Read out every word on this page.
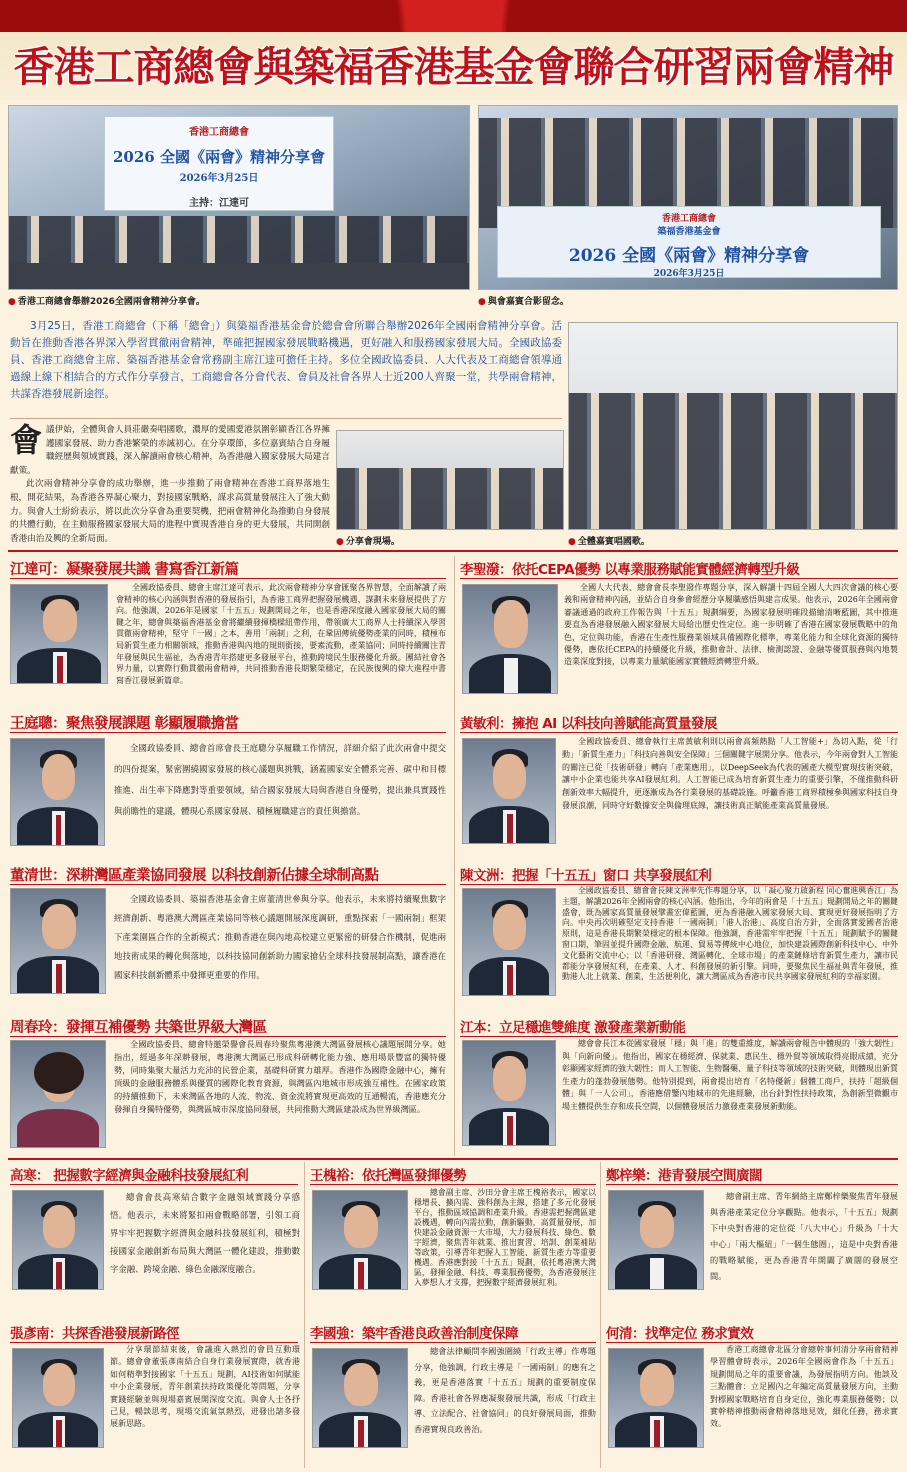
香港工商總會與築福香港基金會聯合研習兩會精神
香港工商總會
2026 全國《兩會》精神分享會
2026年3月25日
主持：江達可
● 香港工商總會舉辦2026全國兩會精神分享會。
香港工商總會
築福香港基金會
2026 全國《兩會》精神分享會
2026年3月25日
● 與會嘉賓合影留念。

3月25日，香港工商總會（下稱「總會」）與築福香港基金會於總會會所聯合舉辦2026年全國兩會精神分享會。活動旨在推動香港各界深入學習貫徹兩會精神，準確把握國家發展戰略機遇，更好融入和服務國家發展大局。全國政協委員、香港工商總會主席、築福香港基金會常務副主席江達可擔任主持。多位全國政協委員、人大代表及工商總會領導通過線上線下相結合的方式作分享發言，工商總會各分會代表、會員及社會各界人士近200人齊聚一堂，共學兩會精神，共謀香港發展新途徑。

會 議伊始，全體與會人員莊嚴奏唱國歌，濃厚的愛國愛港氛圍彰顯香江各界擁護國家發展、助力香港繁榮的赤誠初心。在分享環節，多位嘉賓結合自身履職經歷與領域實踐，深入解讀兩會核心精神，為香港融入國家發展大局建言獻策。

此次兩會精神分享會的成功舉辦，進一步推動了兩會精神在香港工商界落地生根，開花結果，為香港各界凝心聚力，對接國家戰略，謀求高質量發展注入了強大動力。與會人士紛紛表示，將以此次分享會為重要契機，把兩會精神化為推動自身發展的共體行動，在主動服務國家發展大局的進程中實現香港自身的更大發展，共同開創香港由治及興的全新局面。	● 分享會現場。	● 全體嘉賓唱國歌。
江達可：凝聚發展共識 書寫香江新篇

全國政協委員、總會主席江達可表示，此次兩會精神分享會匯聚各界智慧，全面解讀了兩會精神的核心內涵與對香港的發展指引，為香港工商界把握發展機遇、謀劃未來發展提供了方向。他強調，2026年是國家「十五五」規劃開局之年，也是香港深度融入國家發展大局的關鍵之年，總會與築福香港基金會將繼續發揮橋樑紐帶作用，帶領廣大工商界人士持續深入學習貫徹兩會精神，堅守「一國」之本，善用「兩制」之利，在鞏固傳統優勢產業的同時，積極布局新質生產力相關領域，推動香港與內地的規則銜接，要素流動，產業協同；同時持續關注青年發展與民生福祉，為香港青年搭建更多發展平台，推動跨境民生服務優化升級。團結社會各界力量，以實際行動貫徹兩會精神，共同推動香港長期繁榮穩定，在民族復興的偉大進程中書寫香江發展新篇章。

王庭聰：聚焦發展課題 彰顯履職擔當

全國政協委員、總會首席會長王庭聰分享履職工作情況，詳細介紹了此次兩會中提交的四份提案，緊密圍繞國家發展的核心議題與挑戰，涵蓋國家安全體系完善、碳中和目標推進、出生率下降應對等重要領域，結合國家發展大局與香港自身優勢，提出兼具實踐性與前瞻性的建議，體現心系國家發展、積極履職建言的責任與擔當。

董清世：深耕灣區產業協同發展 以科技創新佔據全球制高點

全國政協委員、築福香港基金會主席董清世參與分享。他表示，未來將持續聚焦數字經濟創新、粵港澳大灣區產業協同等核心議題開展深度調研，重點探索「一國兩制」框架下產業園區合作的全新模式；推動香港在與內地高校建立更緊密的研發合作機制，促進兩地技術成果的轉化與落地，以科技協同創新助力國家搶佔全球科技發展制高點，讓香港在國家科技創新體系中發揮更重要的作用。

周春玲：發揮互補優勢 共築世界級大灣區

全國政協委員、總會特邀榮譽會長周春玲聚焦粵港澳大灣區發展核心議題展開分享。她指出，經過多年深耕發展，粵港澳大灣區已形成科研轉化能力強、應用場景豐富的獨特優勢，同時集聚大量活力充沛的民營企業，基礎科研實力雄厚。香港作為國際金融中心，擁有頂級的金融服務體系與優質的國際化教育資源，與灣區內地城市形成強互補性。在國家政策的持續推動下，未來灣區各地的人流、物流、資金流將實現更高效的互通暢流，香港應充分發揮自身獨特優勢，與灣區城市深度協同發展，共同推動大灣區建設成為世界級灣區。

李聖潑：依托CEPA優勢 以專業服務賦能實體經濟轉型升級

全國人大代表、總會會長李聖潑作專題分享，深入解讀十四屆全國人大四次會議的核心要義和兩會精神內涵，並結合自身參會經歷分享履職感悟與建言成果。他表示，2026年全國兩會審議通過的政府工作報告與「十五五」規劃綱要，為國家發展明確段描繪清晰藍圖，其中推進要直為香港發展融入國家發展大局給出歷史性定位。進一步明確了香港在國家發展戰略中的角色，定位與功能，香港在生產性服務業領域具備國際化標準，專業化能力和全球化資源的獨特優勢，應依托CEPA的持續優化升級，推動會計、法律、檢測認證、金融等優質服務與內地製造業深度對接，以專業力量賦能國家實體經濟轉型升級。

黃敏利：擁抱 AI 以科技向善賦能高質量發展

全國政協委員、總會執行主席黃敏利則以兩會高頻熱點「人工智能+」為切入點，從「行動」「新質生產力」「科技向善與安全保障」三個關鍵字展開分享。他表示，今年兩會對人工智能的關注已從「技術研發」轉向「產業應用」，以DeepSeek為代表的國產大模型實現技術突破，讓中小企業也能共享AI發展紅利。人工智能已成為培育新質生產力的重要引擎，不僅推動科研創新效率大幅提升，更逐漸成為各行業發展的基礎設施。呼籲香港工商界積極參與國家科技自身發展浪潮，同時守好數據安全與倫理底線，讓技術真正賦能產業高質量發展。

陳文洲：把握「十五五」窗口 共享發展紅利

全國政協委員、總會會長陳文洲率先作專題分享，以「凝心聚力啟新程 同心奮進興香江」為主題，解讀2026年全國兩會的核心內涵。他指出，今年的兩會是「十五五」規劃開局之年的關鍵盛會，既為國家高質量發展擘畫宏偉藍圖，更為香港融入國家發展大局、實現更好發展指明了方向。中央再次明確堅定支持香港「一國兩制」「港人治港」、高度自治方針，全面落實愛國者治港原則，這是香港長期繁榮穩定的根本保障。他強調，香港需牢牢把握「十五五」規劃賦予的關鍵窗口期，筆固並提升國際金融、航運、貿易等傳統中心地位，加快建設國際創新科技中心、中外文化藝術交流中心；以「香港研發、灣區轉化、全球市場」的產業鏈條培育新質生產力，讓市民都能分享發展紅利，在產業、人才、科創發展的新引擎。同時，要聚焦民生福祉與青年發展，推動港人北上就業、創業，生活便利化，讓大灣區成為香港市民共享國家發展紅利的幸福家園。

江本：立足穩進雙維度 激發產業新動能

總會會長江本從國家發展「穩」與「進」的雙重維度，解讀兩會報告中體現的「強大韌性」與「向新向優」。他指出，國家在穩經濟、保就業、惠民生、穩外貿等領域取得亮眼成績，充分彰顯國家經濟的強大韌性；而人工智能、生物醫藥、量子科技等領域的技術突破，則體現出新質生產力的蓬勃發展態勢。他特別提到，兩會提出培育「名特優新」個體工商戶，扶持「超級個體」與「一人公司」，香港應借鑒內地城市的先進經驗，出台針對性扶持政策，為創新型微觀市場主體提供生存和成長空間，以個體發展活力激發產業發展新動能。

高寒： 把握數字經濟與金融科技發展紅利

總會會長高寒結合數字金融領域實踐分享感悟。他表示，未來將緊扣兩會戰略部署，引領工商界牢牢把握數字經濟與金融科技發展紅利，積極對接國家金融創新布局與大灣區一體化建設，推動數字金融、跨境金融、綠色金融深度融合。

王槐裕：依托灣區發揮優勢

總會副主席、沙田分會主席王槐裕表示，國家以穩增長、擴內需、強科創為主線，搭建了多元化發展平台，推動區域協調和產業升級。香港需把握灣區建設機遇，轉向內需拉動，創新驅動，高質量發展，加快建設金融資源一大市場，大力發展科技、綠色、數字經濟，聚焦青年就業、推出實習、培訓、創業補貼等政策，引導青年把握人工智能、新質生產力等重要機遇。香港應對接「十五五」規劃，依托粵港澳大灣區，發揮金融、科技、專業服務優勢，為香港發展注入夢想人才支撐，把握數字經濟發展紅利。

鄭梓樂：港青發展空間廣闊

總會副主席、青年網絡主席鄭梓樂聚焦青年發展與香港產業定位分享觀點。他表示，「十五五」規劃下中央對香港的定位從「八大中心」升級為「十大中心」「兩大樞紐」「一個生態圈」，這是中央對香港的戰略賦能，更為香港青年開闢了廣闊的發展空間。

張彥南：共探香港發展新路徑

分享環節結束後，會議進入熱烈的會員互動環節。總會會董張彥南結合自身行業發展實際，就香港如何精準對接國家「十五五」規劃，AI技術如何賦能中小企業發展，青年創業扶持政策優化等問題，分享實踐經驗並與現場嘉賓展開深度交流。與會人士各抒己見，暢談思考，現場交流氣氛熱烈，迸發出諸多發展新思路。

李國強：築牢香港良政善治制度保障

總會法律顧問李國強圍繞「行政主導」作專題分享，他強調，行政主導是「一國兩制」的應有之義，更是香港落實「十五五」規劃的重要制度保障。香港社會各界應凝聚發展共識，形成「行政主導、立法配合、社會協同」的良好發展局面，推動香港實現良政善治。

何清：找準定位 務求實效

香港工商總會北區分會總幹事何清分享兩會精神學習體會時表示，2026年全國兩會作為「十五五」規劃開局之年的重要會議，為發展指明方向。他談及三點體會：立足國內之年編定高質量發展方向，主動對標國家戰略培育自身定位，強化專業服務優勢；以實幹精神推動兩會精神落地見效，細化任務，務求實效。
